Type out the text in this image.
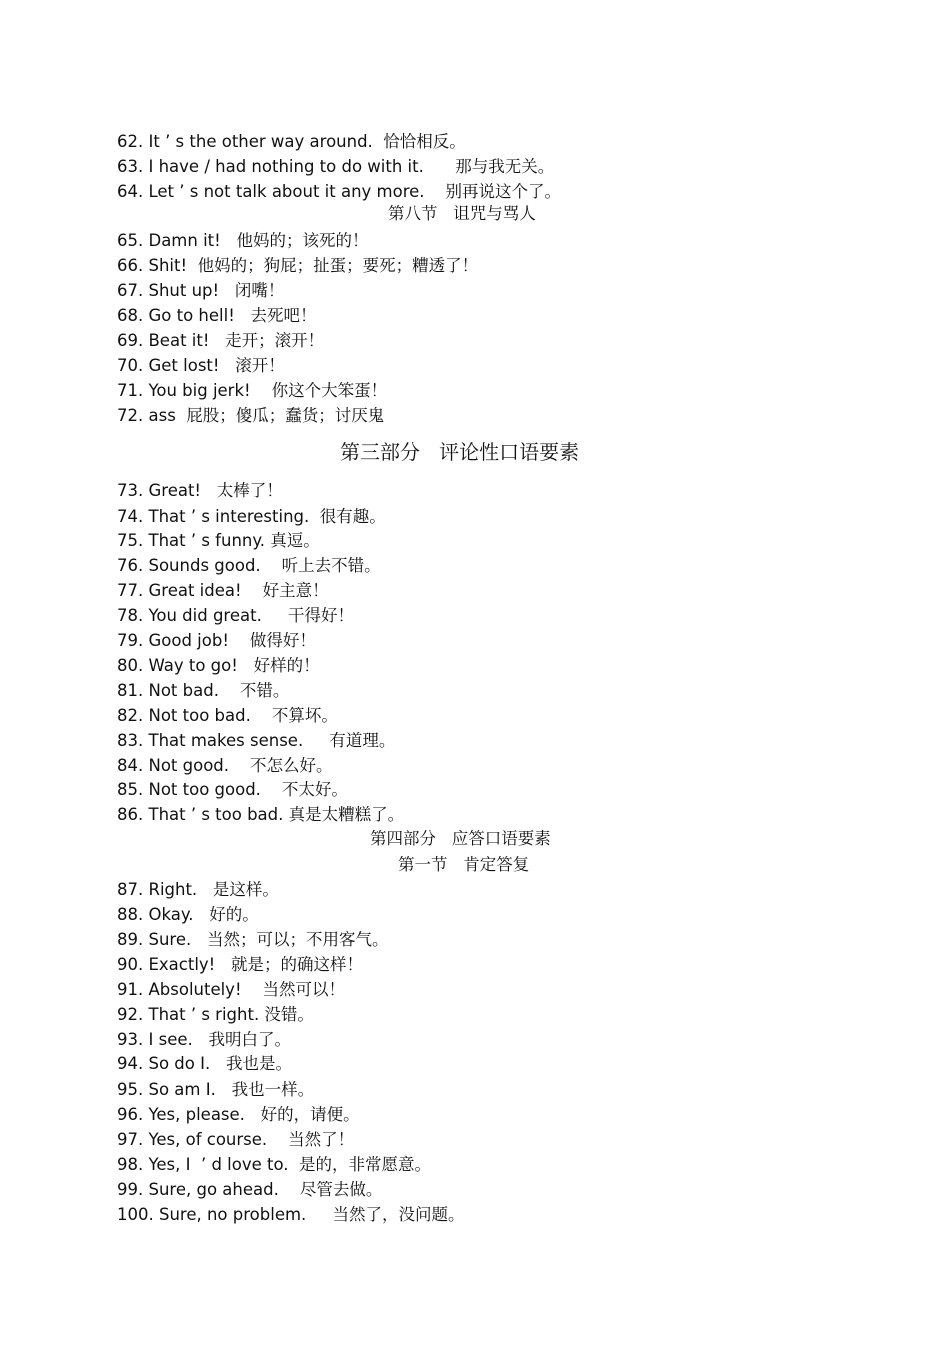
62. It ’ s the other way around.  恰恰相反。
63. I have / had nothing to do with it.      那与我无关。
64. Let ’ s not talk about it any more.    别再说这个了。
第八节   诅咒与骂人
65. Damn it!   他妈的；该死的！
66. Shit!  他妈的；狗屁；扯蛋；要死；糟透了！
67. Shut up!   闭嘴！
68. Go to hell!   去死吧！
69. Beat it!   走开；滚开！
70. Get lost!   滚开！
71. You big jerk!    你这个大笨蛋！
72. ass  屁股；傻瓜；蠢货；讨厌鬼
第三部分   评论性口语要素
73. Great!   太棒了！
74. That ’ s interesting.  很有趣。
75. That ’ s funny. 真逗。
76. Sounds good.    听上去不错。
77. Great idea!    好主意！
78. You did great.     干得好！
79. Good job!    做得好！
80. Way to go!   好样的！
81. Not bad.    不错。
82. Not too bad.    不算坏。
83. That makes sense.     有道理。
84. Not good.    不怎么好。
85. Not too good.    不太好。
86. That ’ s too bad. 真是太糟糕了。
第四部分   应答口语要素
第一节   肯定答复
87. Right.   是这样。
88. Okay.   好的。
89. Sure.   当然；可以；不用客气。
90. Exactly!   就是；的确这样！
91. Absolutely!    当然可以！
92. That ’ s right. 没错。
93. I see.   我明白了。
94. So do I.   我也是。
95. So am I.   我也一样。
96. Yes, please.   好的，请便。
97. Yes, of course.    当然了！
98. Yes, I  ’ d love to.  是的，非常愿意。
99. Sure, go ahead.    尽管去做。
100. Sure, no problem.     当然了，没问题。
